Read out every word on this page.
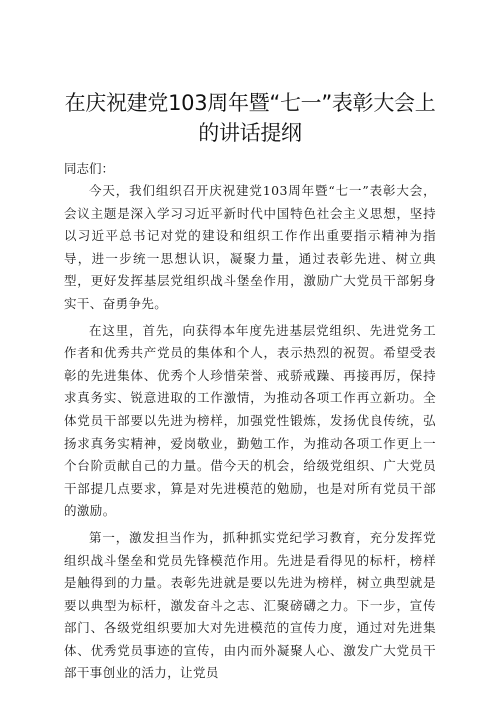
在庆祝建党103周年暨“七一”表彰大会上的讲话提纲

同志们：

今天，我们组织召开庆祝建党103周年暨“七一”表彰大会，会议主题是深入学习习近平新时代中国特色社会主义思想，坚持以习近平总书记对党的建设和组织工作作出重要指示精神为指导，进一步统一思想认识，凝聚力量，通过表彰先进、树立典型，更好发挥基层党组织战斗堡垒作用，激励广大党员干部躬身实干、奋勇争先。

在这里，首先，向获得本年度先进基层党组织、先进党务工作者和优秀共产党员的集体和个人，表示热烈的祝贺。希望受表彰的先进集体、优秀个人珍惜荣誉、戒骄戒躁、再接再厉，保持求真务实、锐意进取的工作激情，为推动各项工作再立新功。全体党员干部要以先进为榜样，加强党性锻炼，发扬优良传统，弘扬求真务实精神，爱岗敬业，勤勉工作，为推动各项工作更上一个台阶贡献自己的力量。借今天的机会，给级党组织、广大党员干部提几点要求，算是对先进模范的勉励，也是对所有党员干部的激励。

第一，激发担当作为，抓种抓实党纪学习教育，充分发挥党组织战斗堡垒和党员先锋模范作用。先进是看得见的标杆，榜样是触得到的力量。表彰先进就是要以先进为榜样，树立典型就是要以典型为标杆，激发奋斗之志、汇聚磅礴之力。下一步，宣传部门、各级党组织要加大对先进模范的宣传力度，通过对先进集体、优秀党员事迹的宣传，由内而外凝聚人心、激发广大党员干部干事创业的活力，让党员
